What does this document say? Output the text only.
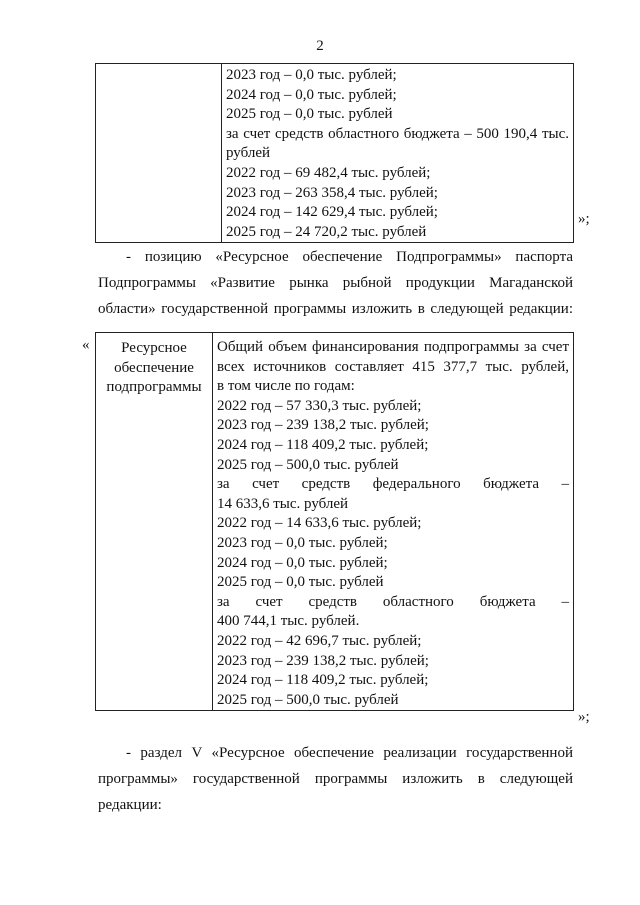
2

2023 год – 0,0 тыс. рублей;
2024 год – 0,0 тыс. рублей;
2025 год – 0,0 тыс. рублей
за счет средств областного бюджета – 500 190,4 тыс.
рублей
2022 год – 69 482,4 тыс. рублей;
2023 год – 263 358,4 тыс. рублей;
2024 год – 142 629,4 тыс. рублей;
2025 год – 24 720,2 тыс. рублей
»;
- позицию «Ресурсное обеспечение Подпрограммы» паспорта
Подпрограммы «Развитие рынка рыбной продукции Магаданской
области» государственной программы изложить в следующей редакции:
«	Ресурсное
обеспечение
подпрограммы

Общий объем финансирования подпрограммы за счет
всех источников составляет 415 377,7 тыс. рублей,
в том числе по годам:
2022 год – 57 330,3 тыс. рублей;
2023 год – 239 138,2 тыс. рублей;
2024 год – 118 409,2 тыс. рублей;
2025 год – 500,0 тыс. рублей
за счет средств федерального бюджета –
14 633,6 тыс. рублей
2022 год – 14 633,6 тыс. рублей;
2023 год – 0,0 тыс. рублей;
2024 год – 0,0 тыс. рублей;
2025 год – 0,0 тыс. рублей
за счет средств областного бюджета –
400 744,1 тыс. рублей.
2022 год – 42 696,7 тыс. рублей;
2023 год – 239 138,2 тыс. рублей;
2024 год – 118 409,2 тыс. рублей;
2025 год – 500,0 тыс. рублей
»;
- раздел V «Ресурсное обеспечение реализации государственной
программы» государственной программы изложить в следующей
редакции:
